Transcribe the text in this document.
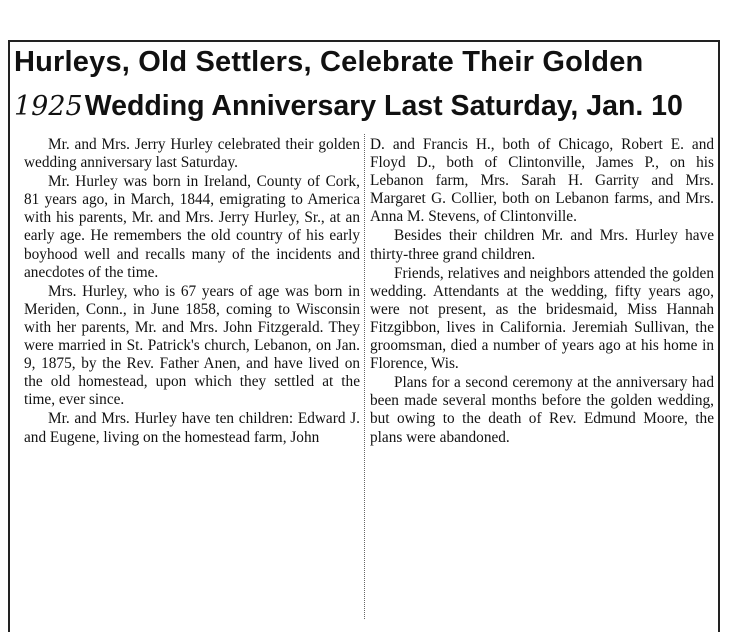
Hurleys, Old Settlers, Celebrate Their Golden
1925Wedding Anniversary Last Saturday, Jan. 10

Mr. and Mrs. Jerry Hurley celebrated their golden wedding anniversary last Saturday.

Mr. Hurley was born in Ireland, County of Cork, 81 years ago, in March, 1844, emigrating to America with his parents, Mr. and Mrs. Jerry Hurley, Sr., at an early age. He remembers the old country of his early boyhood well and recalls many of the incidents and anecdotes of the time.

Mrs. Hurley, who is 67 years of age was born in Meriden, Conn., in June 1858, coming to Wisconsin with her parents, Mr. and Mrs. John Fitzgerald. They were married in St. Patrick's church, Lebanon, on Jan. 9, 1875, by the Rev. Father Anen, and have lived on the old homestead, upon which they settled at the time, ever since.

Mr. and Mrs. Hurley have ten children: Edward J. and Eugene, living on the homestead farm, John

D. and Francis H., both of Chicago, Robert E. and Floyd D., both of Clintonville, James P., on his Lebanon farm, Mrs. Sarah H. Garrity and Mrs. Margaret G. Collier, both on Lebanon farms, and Mrs. Anna M. Stevens, of Clintonville.

Besides their children Mr. and Mrs. Hurley have thirty-three grand children.

Friends, relatives and neighbors attended the golden wedding. Attendants at the wedding, fifty years ago, were not present, as the bridesmaid, Miss Hannah Fitzgibbon, lives in California. Jeremiah Sullivan, the groomsman, died a number of years ago at his home in Florence, Wis.

Plans for a second ceremony at the anniversary had been made several months before the golden wedding, but owing to the death of Rev. Edmund Moore, the plans were abandoned.
